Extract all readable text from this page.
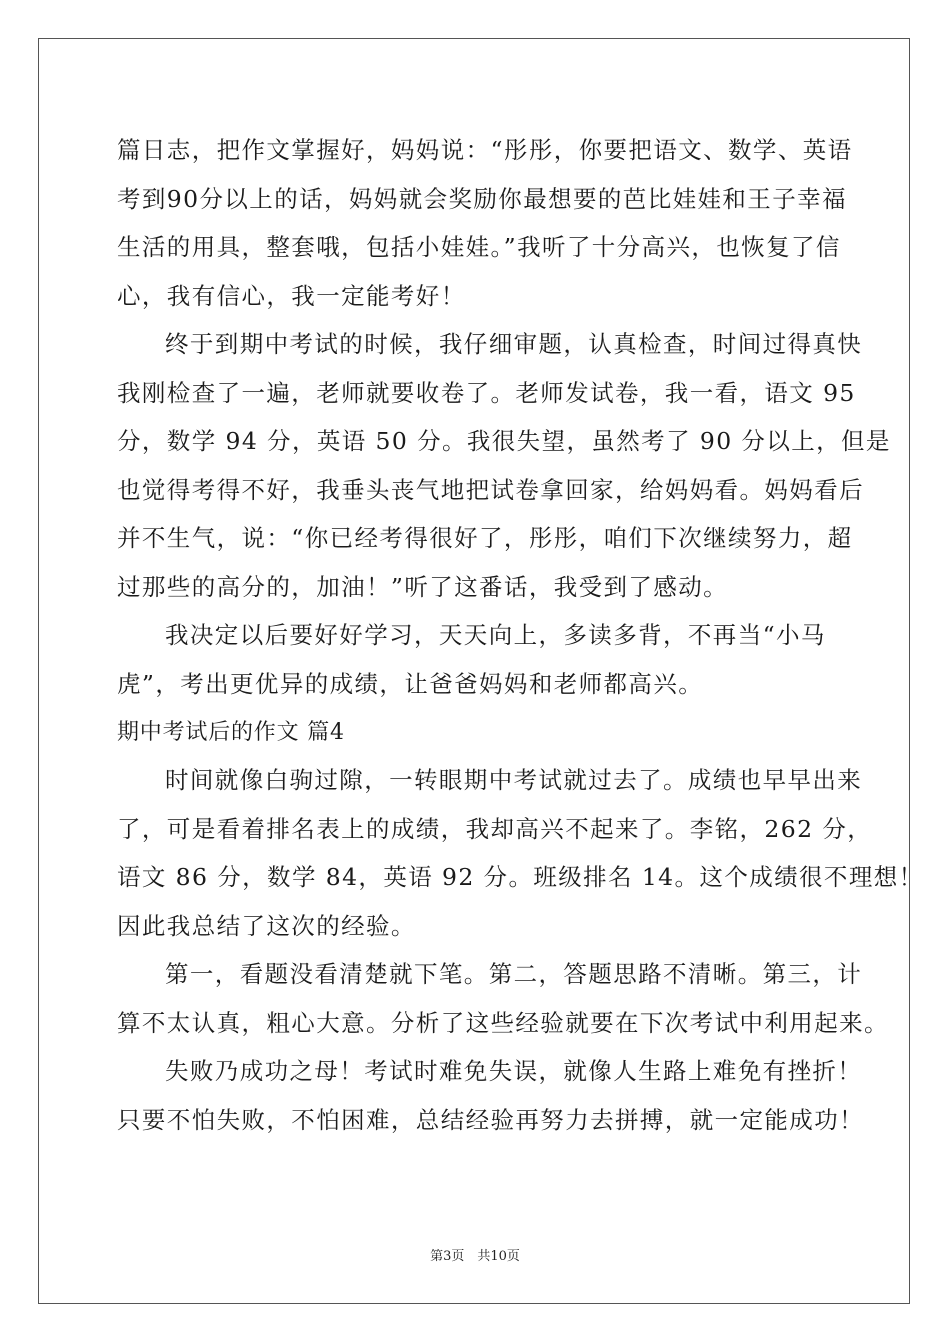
篇日志，把作文掌握好，妈妈说：“彤彤，你要把语文、数学、英语
考到90分以上的话，妈妈就会奖励你最想要的芭比娃娃和王子幸福
生活的用具，整套哦，包括小娃娃。”我听了十分高兴，也恢复了信
心，我有信心，我一定能考好！
终于到期中考试的时候，我仔细审题，认真检查，时间过得真快
我刚检查了一遍，老师就要收卷了。老师发试卷，我一看，语文 95
分，数学 94 分，英语 50 分。我很失望，虽然考了 90 分以上，但是
也觉得考得不好，我垂头丧气地把试卷拿回家，给妈妈看。妈妈看后
并不生气，说：“你已经考得很好了，彤彤，咱们下次继续努力，超
过那些的高分的，加油！”听了这番话，我受到了感动。
我决定以后要好好学习，天天向上，多读多背，不再当“小马
虎”，考出更优异的成绩，让爸爸妈妈和老师都高兴。
期中考试后的作文 篇4
时间就像白驹过隙，一转眼期中考试就过去了。成绩也早早出来
了，可是看着排名表上的成绩，我却高兴不起来了。李铭，262 分，
语文 86 分，数学 84，英语 92 分。班级排名 14。这个成绩很不理想！
因此我总结了这次的经验。
第一，看题没看清楚就下笔。第二，答题思路不清晰。第三，计
算不太认真，粗心大意。分析了这些经验就要在下次考试中利用起来。
失败乃成功之母！考试时难免失误，就像人生路上难免有挫折！
只要不怕失败，不怕困难，总结经验再努力去拼搏，就一定能成功！
第3页　共10页
